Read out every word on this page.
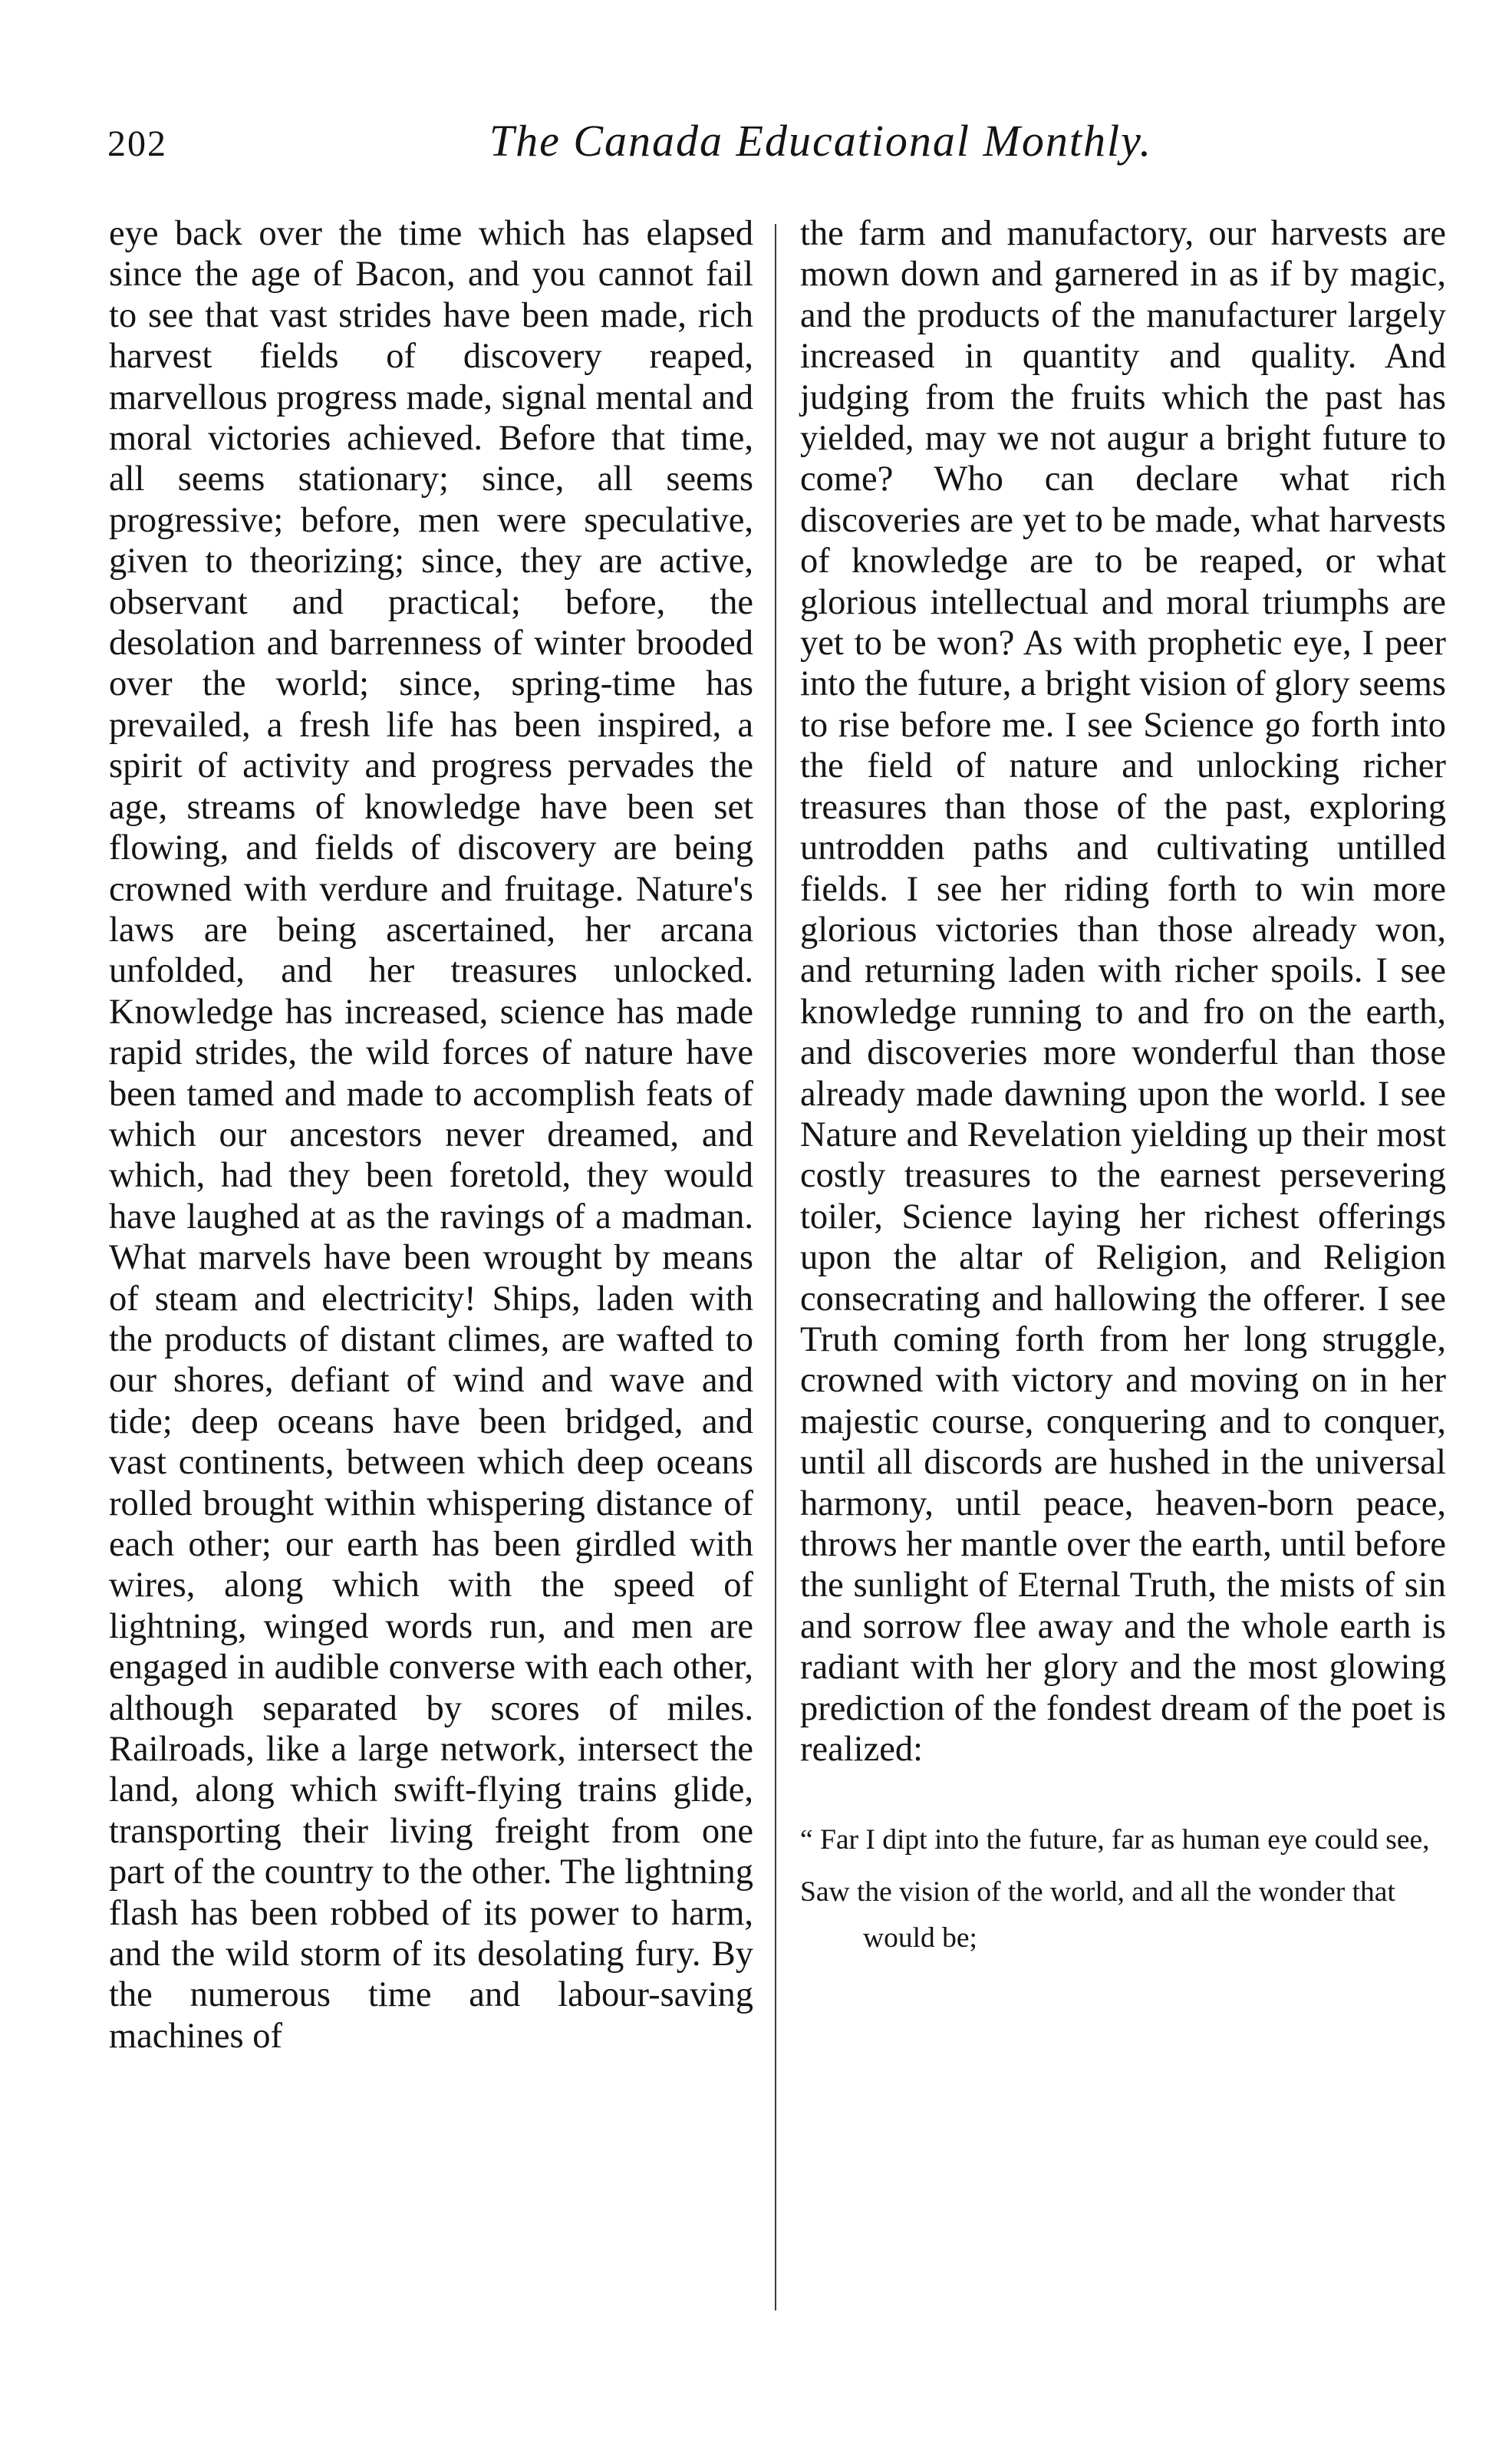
202	The Canada Educational Monthly.

eye back over the time which has elapsed since the age of Bacon, and you cannot fail to see that vast strides have been made, rich harvest fields of discovery reaped, marvellous progress made, signal mental and moral victories achieved. Before that time, all seems stationary; since, all seems progressive; before, men were speculative, given to theorizing; since, they are active, observant and practical; before, the desolation and barrenness of winter brooded over the world; since, spring-time has prevailed, a fresh life has been inspired, a spirit of activity and progress pervades the age, streams of knowledge have been set flowing, and fields of discovery are being crowned with verdure and fruitage. Nature's laws are being ascertained, her arcana unfolded, and her treasures unlocked. Knowledge has increased, science has made rapid strides, the wild forces of nature have been tamed and made to accomplish feats of which our ancestors never dreamed, and which, had they been foretold, they would have laughed at as the ravings of a madman. What marvels have been wrought by means of steam and electricity! Ships, laden with the products of distant climes, are wafted to our shores, defiant of wind and wave and tide; deep oceans have been bridged, and vast continents, between which deep oceans rolled brought within whispering distance of each other; our earth has been girdled with wires, along which with the speed of lightning, winged words run, and men are engaged in audible converse with each other, although separated by scores of miles. Railroads, like a large network, intersect the land, along which swift-flying trains glide, transporting their living freight from one part of the country to the other. The lightning flash has been robbed of its power to harm, and the wild storm of its desolating fury. By the numerous time and labour-saving machines of

the farm and manufactory, our harvests are mown down and garnered in as if by magic, and the products of the manufacturer largely increased in quantity and quality. And judging from the fruits which the past has yielded, may we not augur a bright future to come? Who can declare what rich discoveries are yet to be made, what harvests of knowledge are to be reaped, or what glorious intellectual and moral triumphs are yet to be won? As with prophetic eye, I peer into the future, a bright vision of glory seems to rise before me. I see Science go forth into the field of nature and unlocking richer treasures than those of the past, exploring untrodden paths and cultivating untilled fields. I see her riding forth to win more glorious victories than those already won, and returning laden with richer spoils. I see knowledge running to and fro on the earth, and discoveries more wonderful than those already made dawning upon the world. I see Nature and Revelation yielding up their most costly treasures to the earnest persevering toiler, Science laying her richest offerings upon the altar of Religion, and Religion consecrating and hallowing the offerer. I see Truth coming forth from her long struggle, crowned with victory and moving on in her majestic course, conquering and to conquer, until all discords are hushed in the universal harmony, until peace, heaven-born peace, throws her mantle over the earth, until before the sunlight of Eternal Truth, the mists of sin and sorrow flee away and the whole earth is radiant with her glory and the most glowing prediction of the fondest dream of the poet is realized:

“ Far I dipt into the future, far as human eye could see,
Saw the vision of the world, and all the wonder that would be;
